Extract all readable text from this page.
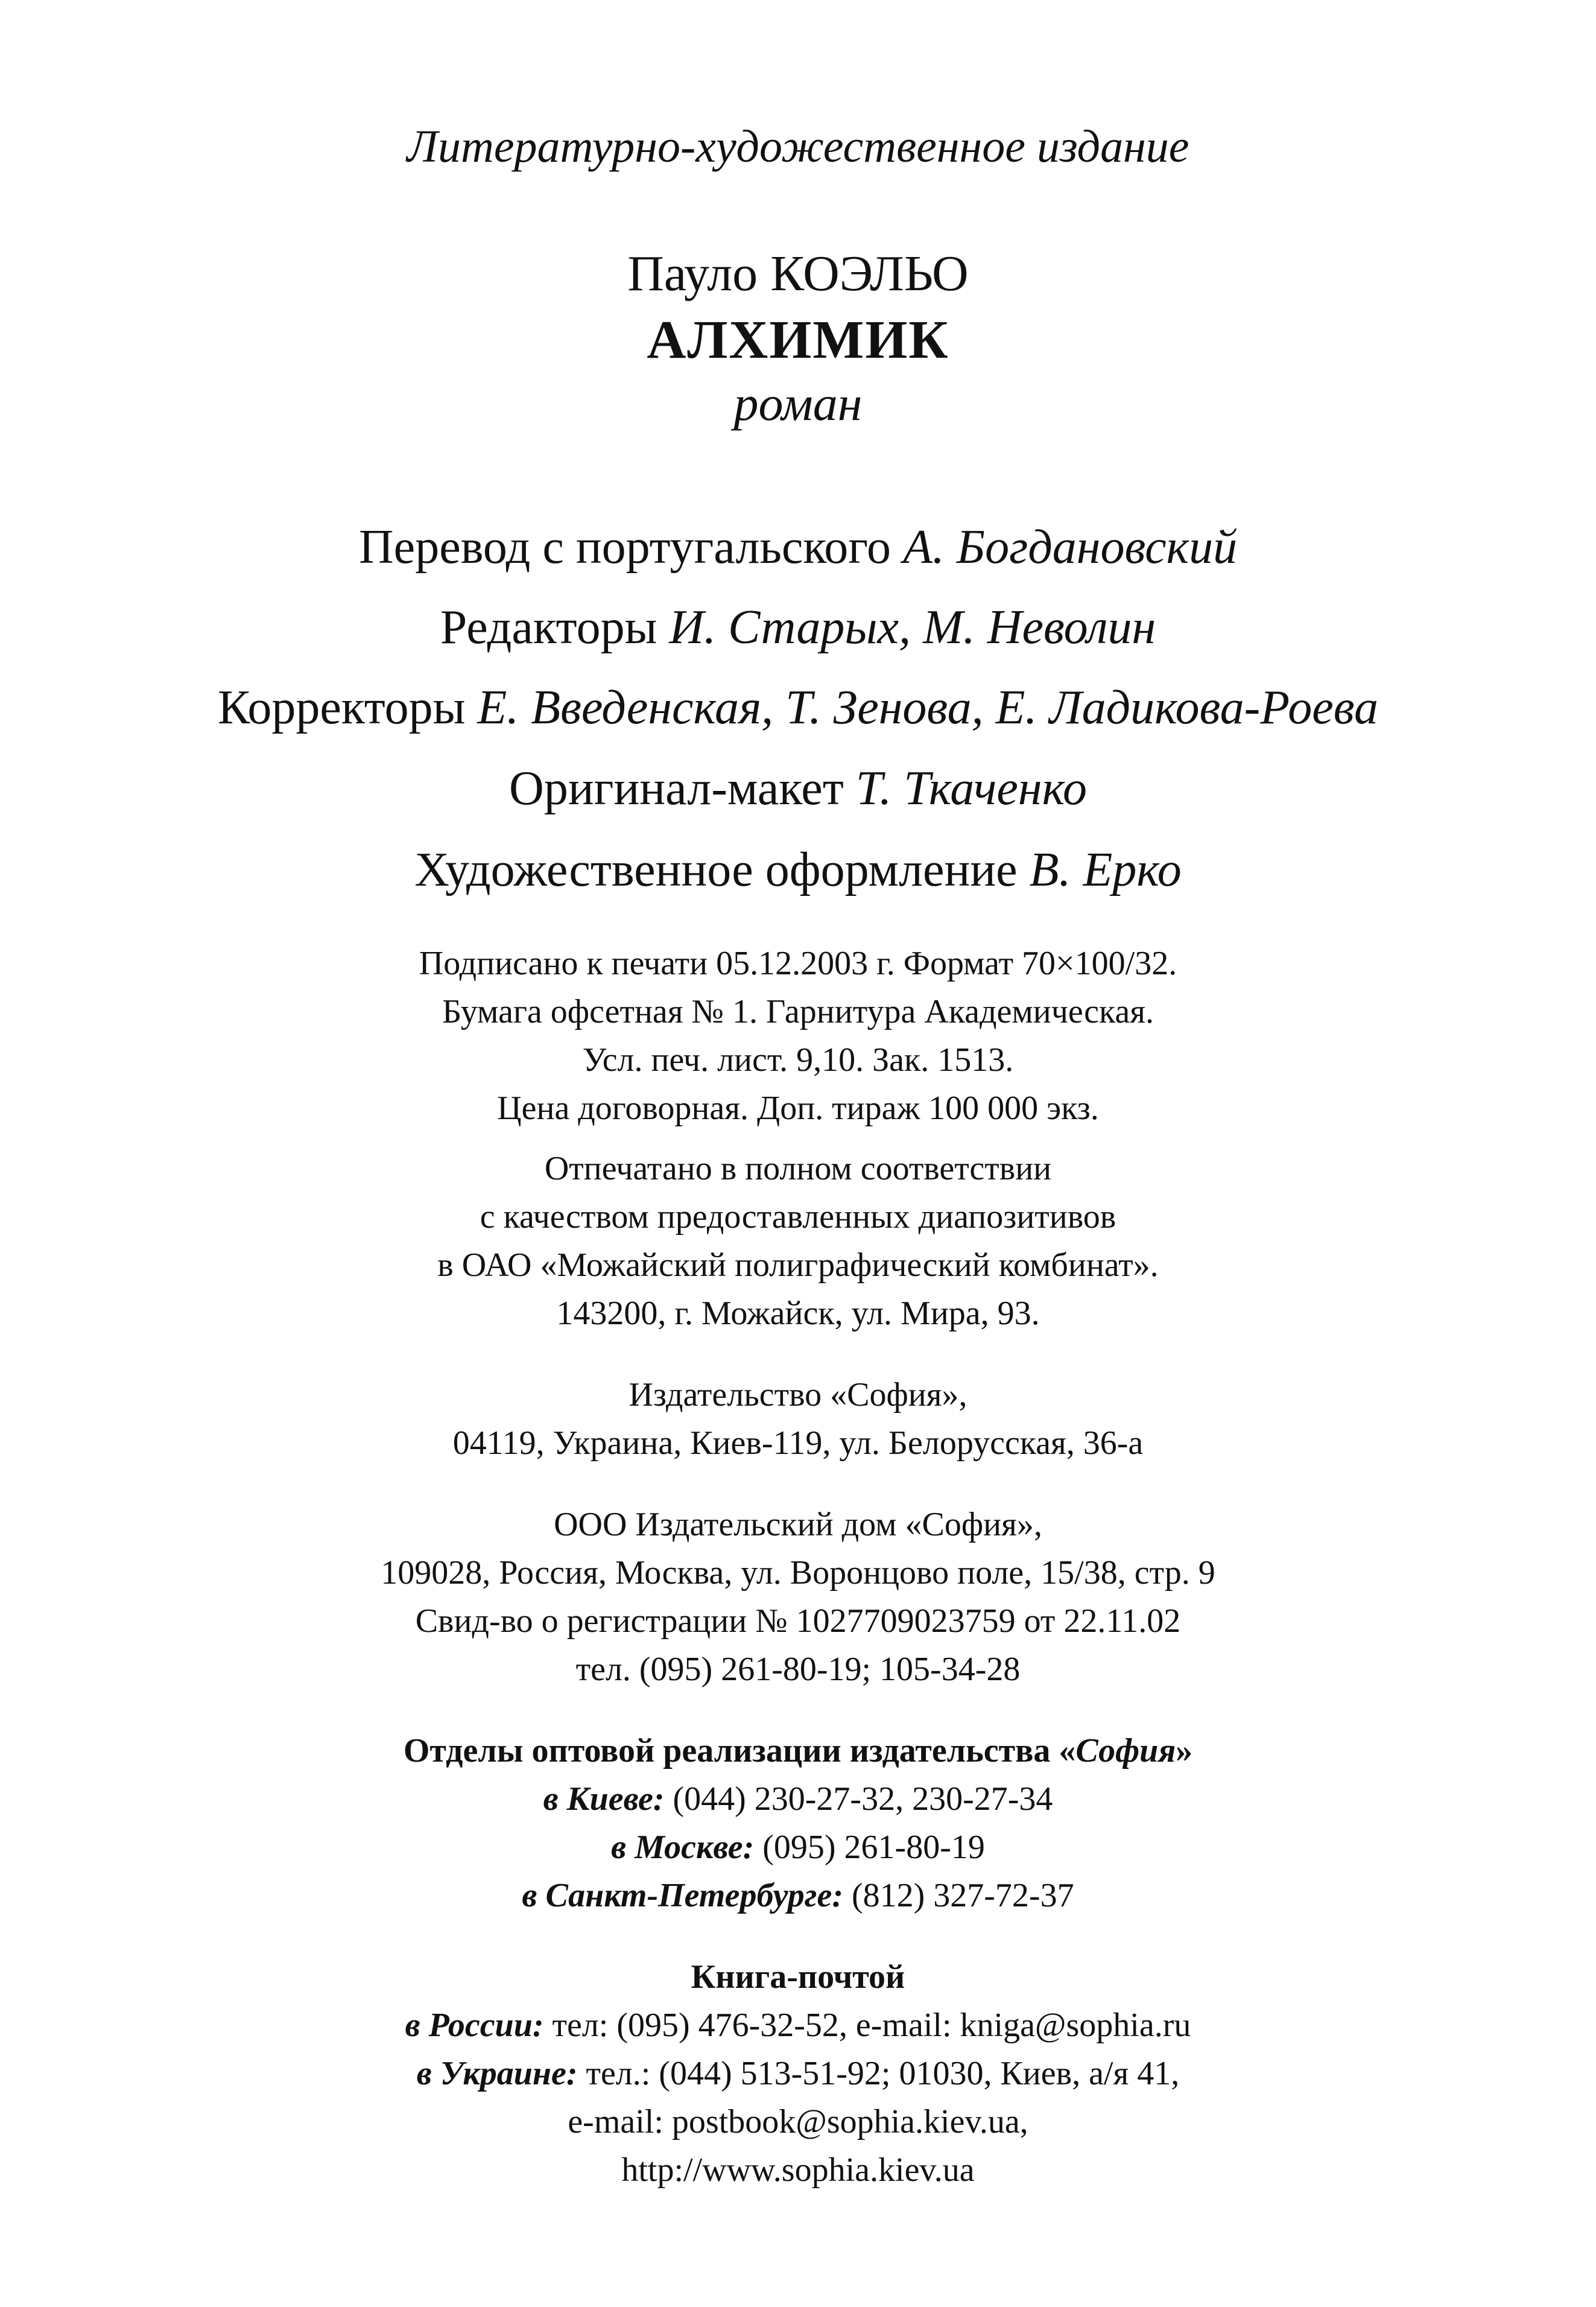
Литературно-художественное издание
Пауло КОЭЛЬО
АЛХИМИК
роман
Перевод с португальского А. Богдановский
Редакторы И. Старых, М. Неволин
Корректоры Е. Введенская, Т. Зенова, Е. Ладикова-Роева
Оригинал-макет Т. Ткаченко
Художественное оформление В. Ерко
Подписано к печати 05.12.2003 г. Формат 70×100/32.
Бумага офсетная № 1. Гарнитура Академическая.
Усл. печ. лист. 9,10. Зак. 1513.
Цена договорная. Доп. тираж 100 000 экз.
Отпечатано в полном соответствии
с качеством предоставленных диапозитивов
в ОАО «Можайский полиграфический комбинат».
143200, г. Можайск, ул. Мира, 93.
Издательство «София»,
04119, Украина, Киев-119, ул. Белорусская, 36-а
ООО Издательский дом «София»,
109028, Россия, Москва, ул. Воронцово поле, 15/38, стр. 9
Свид-во о регистрации № 1027709023759 от 22.11.02
тел. (095) 261-80-19; 105-34-28
Отделы оптовой реализации издательства «София»
в Киеве: (044) 230-27-32, 230-27-34
в Москве: (095) 261-80-19
в Санкт-Петербурге: (812) 327-72-37
Книга-почтой
в России: тел: (095) 476-32-52, e-mail: kniga@sophia.ru
в Украине: тел.: (044) 513-51-92; 01030, Киев, а/я 41,
e-mail: postbook@sophia.kiev.ua,
http://www.sophia.kiev.ua
